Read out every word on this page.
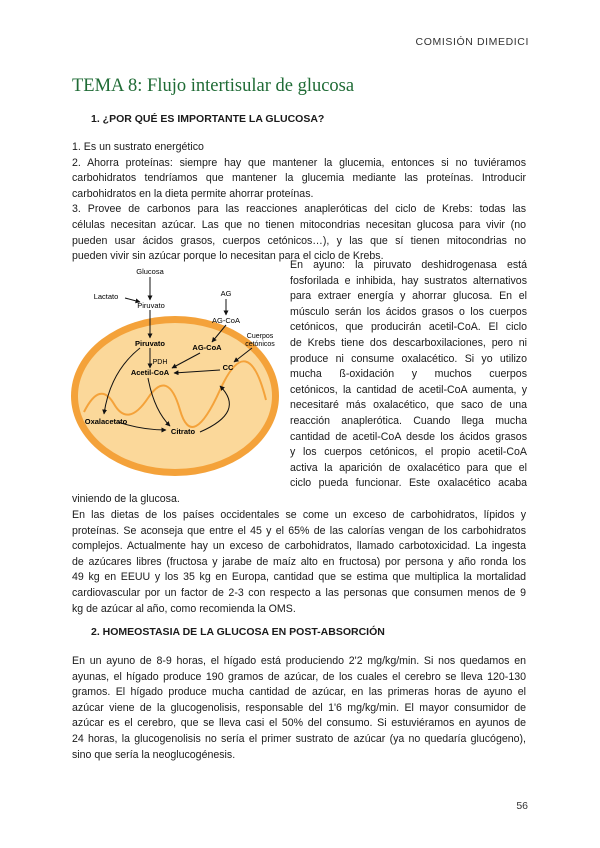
COMISIÓN DIMEDICI
TEMA 8: Flujo intertisular de glucosa
1. ¿POR QUÉ ES IMPORTANTE LA GLUCOSA?
1. Es un sustrato energético
2. Ahorra proteínas: siempre hay que mantener la glucemia, entonces si no tuviéramos
carbohidratos tendríamos que mantener la glucemia mediante las proteínas. Introducir
carbohidratos en la dieta permite ahorrar proteínas.
3. Provee de carbonos para las reacciones anapleróticas del ciclo de Krebs: todas las
células necesitan azúcar. Las que no tienen mitocondrias necesitan glucosa para vivir (no
pueden usar ácidos grasos, cuerpos cetónicos…), y las que sí tienen mitocondrias no
pueden vivir sin azúcar porque lo necesitan para el ciclo de Krebs.
Glucosa
Lactato
Piruvato
AG
AG-CoA
Cuerpos
cetónicos
Piruvato
PDH
Acetil-CoA
AG-CoA
CC
Oxalacetato
Citrato
En ayuno: la piruvato deshidrogenasa está
fosforilada e inhibida, hay sustratos alternativos
para extraer energía y ahorrar glucosa. En el
músculo serán los ácidos grasos o los cuerpos
cetónicos, que producirán acetil-CoA. El ciclo
de Krebs tiene dos descarboxilaciones, pero ni
produce ni consume oxalacético. Si yo utilizo
mucha ß-oxidación y muchos cuerpos
cetónicos, la cantidad de acetil-CoA aumenta, y
necesitaré más oxalacético, que saco de una
reacción anaplerótica. Cuando llega mucha
cantidad de acetil-CoA desde los ácidos grasos
y los cuerpos cetónicos, el propio acetil-CoA
activa la aparición de oxalacético para que el
ciclo pueda funcionar. Este oxalacético acaba
viniendo de la glucosa.
En las dietas de los países occidentales se come un exceso de carbohidratos, lípidos y
proteínas. Se aconseja que entre el 45 y el 65% de las calorías vengan de los carbohidratos
complejos. Actualmente hay un exceso de carbohidratos, llamado carbotoxicidad. La ingesta
de azúcares libres (fructosa y jarabe de maíz alto en fructosa) por persona y año ronda los
49 kg en EEUU y los 35 kg en Europa, cantidad que se estima que multiplica la mortalidad
cardiovascular por un factor de 2-3 con respecto a las personas que consumen menos de 9
kg de azúcar al año, como recomienda la OMS.
2. HOMEOSTASIA DE LA GLUCOSA EN POST-ABSORCIÓN
En un ayuno de 8-9 horas, el hígado está produciendo 2'2 mg/kg/min. Si nos quedamos en
ayunas, el hígado produce 190 gramos de azúcar, de los cuales el cerebro se lleva 120-130
gramos. El hígado produce mucha cantidad de azúcar, en las primeras horas de ayuno el
azúcar viene de la glucogenolisis, responsable del 1'6 mg/kg/min. El mayor consumidor de
azúcar es el cerebro, que se lleva casi el 50% del consumo. Si estuviéramos en ayunos de
24 horas, la glucogenolisis no sería el primer sustrato de azúcar (ya no quedaría glucógeno),
sino que sería la neoglucogénesis.
56
